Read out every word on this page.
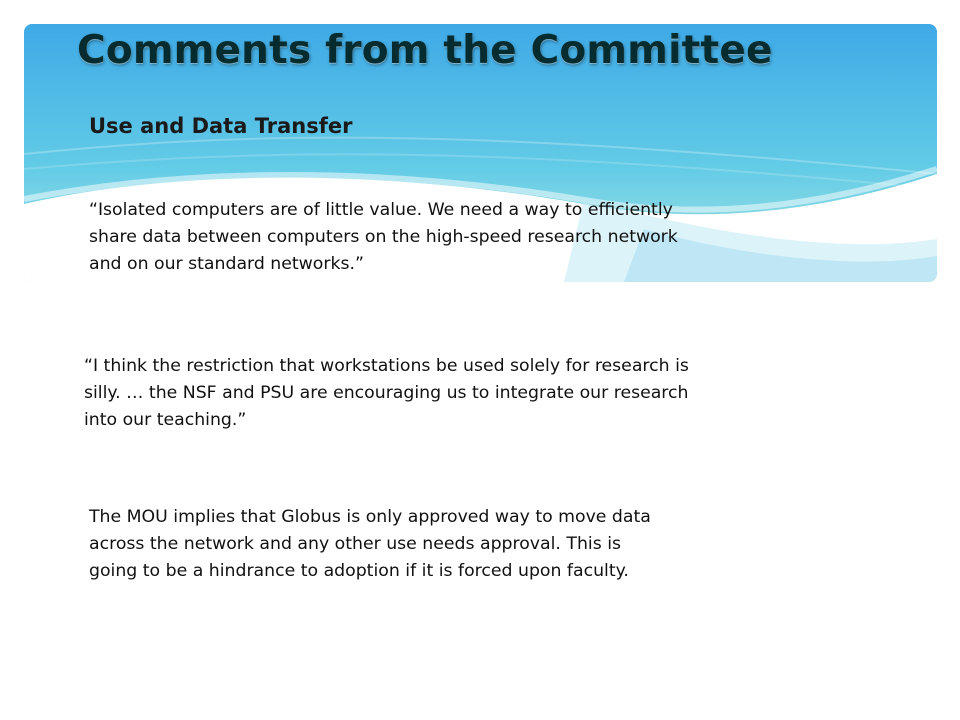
Comments from the Committee
Use and Data Transfer
“Isolated computers are of little value. We need a way to efficiently
share data between computers on the high-speed research network
and on our standard networks.”
“I think the restriction that workstations be used solely for research is
silly. … the NSF and PSU are encouraging us to integrate our research
into our teaching.”
The MOU implies that Globus is only approved way to move data
across the network and any other use needs approval. This is
going to be a hindrance to adoption if it is forced upon faculty.
